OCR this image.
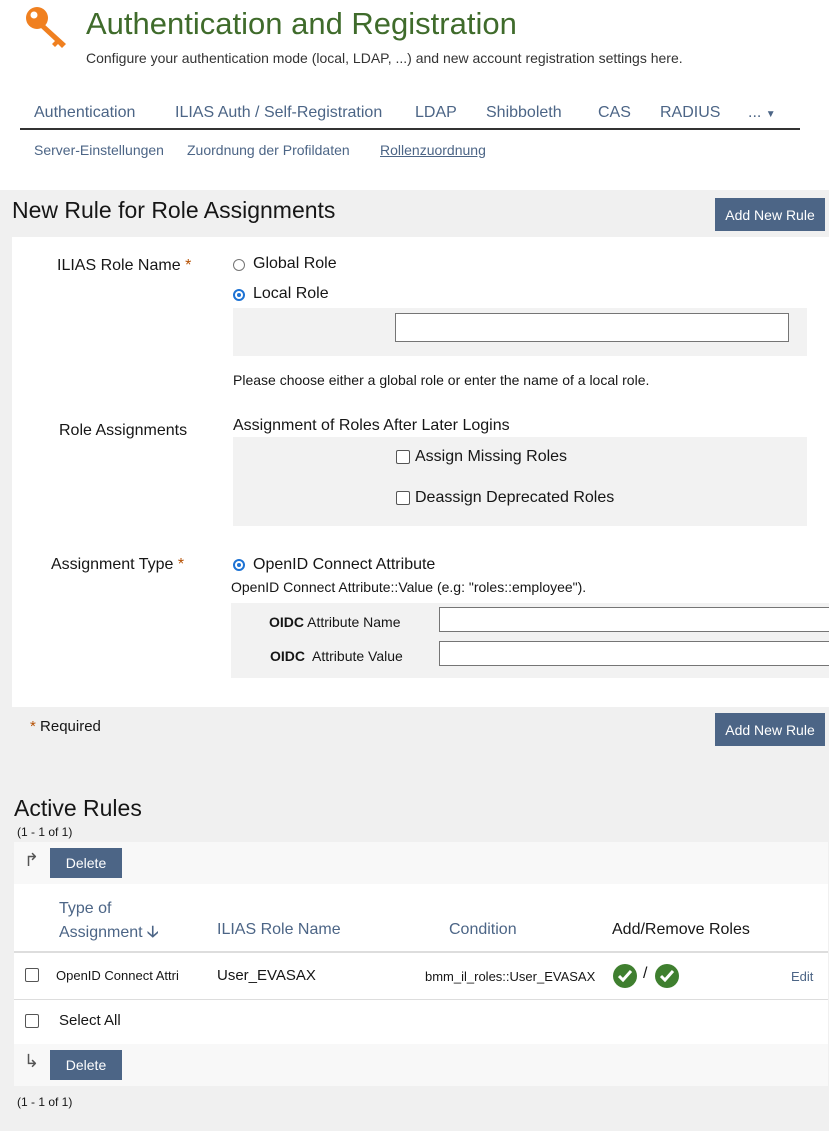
Authentication and Registration
Configure your authentication mode (local, LDAP, ...) and new account registration settings here.
Authentication ILIAS Auth / Self-Registration LDAP Shibboleth CAS RADIUS ... ▼
Server-Einstellungen Zuordnung der Profildaten Rollenzuordnung
New Rule for Role Assignments	Add New Rule
ILIAS Role Name *	Global Role
Local Role
Please choose either a global role or enter the name of a local role.
Role Assignments	Assignment of Roles After Later Logins
Assign Missing Roles
Deassign Deprecated Roles
Assignment Type *	OpenID Connect Attribute
OpenID Connect Attribute::Value (e.g: "roles::employee").
OIDC Attribute Name
OIDC Attribute Value
* Required	Add New Rule
Active Rules
(1 - 1 of 1)
↱	Delete
Type of
Assignment 🡣	ILIAS Role Name	Condition	Add/Remove Roles
OpenID Connect Attri	User_EVASAX	bmm_il_roles::User_EVASAX	/	Edit
Select All
↳	Delete
(1 - 1 of 1)
